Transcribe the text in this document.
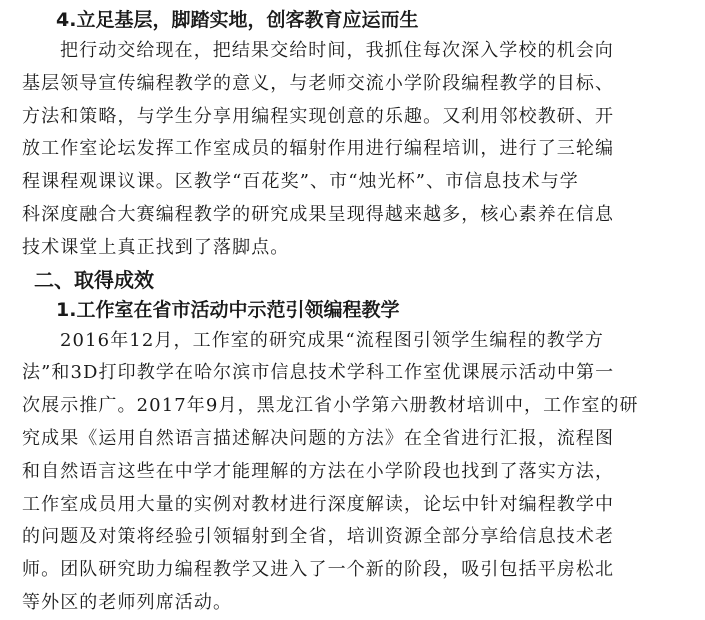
4.立足基层，脚踏实地，创客教育应运而生

把行动交给现在，把结果交给时间，我抓住每次深入学校的机会向
基层领导宣传编程教学的意义，与老师交流小学阶段编程教学的目标、
方法和策略，与学生分享用编程实现创意的乐趣。又利用邻校教研、开
放工作室论坛发挥工作室成员的辐射作用进行编程培训，进行了三轮编
程课程观课议课。区教学“百花奖”、市“烛光杯”、市信息技术与学
科深度融合大赛编程教学的研究成果呈现得越来越多，核心素养在信息
技术课堂上真正找到了落脚点。

二、取得成效
1.工作室在省市活动中示范引领编程教学

2016年12月，工作室的研究成果“流程图引领学生编程的教学方
法”和3D打印教学在哈尔滨市信息技术学科工作室优课展示活动中第一
次展示推广。2017年9月，黑龙江省小学第六册教材培训中，工作室的研
究成果《运用自然语言描述解决问题的方法》在全省进行汇报，流程图
和自然语言这些在中学才能理解的方法在小学阶段也找到了落实方法，
工作室成员用大量的实例对教材进行深度解读，论坛中针对编程教学中
的问题及对策将经验引领辐射到全省，培训资源全部分享给信息技术老
师。团队研究助力编程教学又进入了一个新的阶段，吸引包括平房松北
等外区的老师列席活动。
